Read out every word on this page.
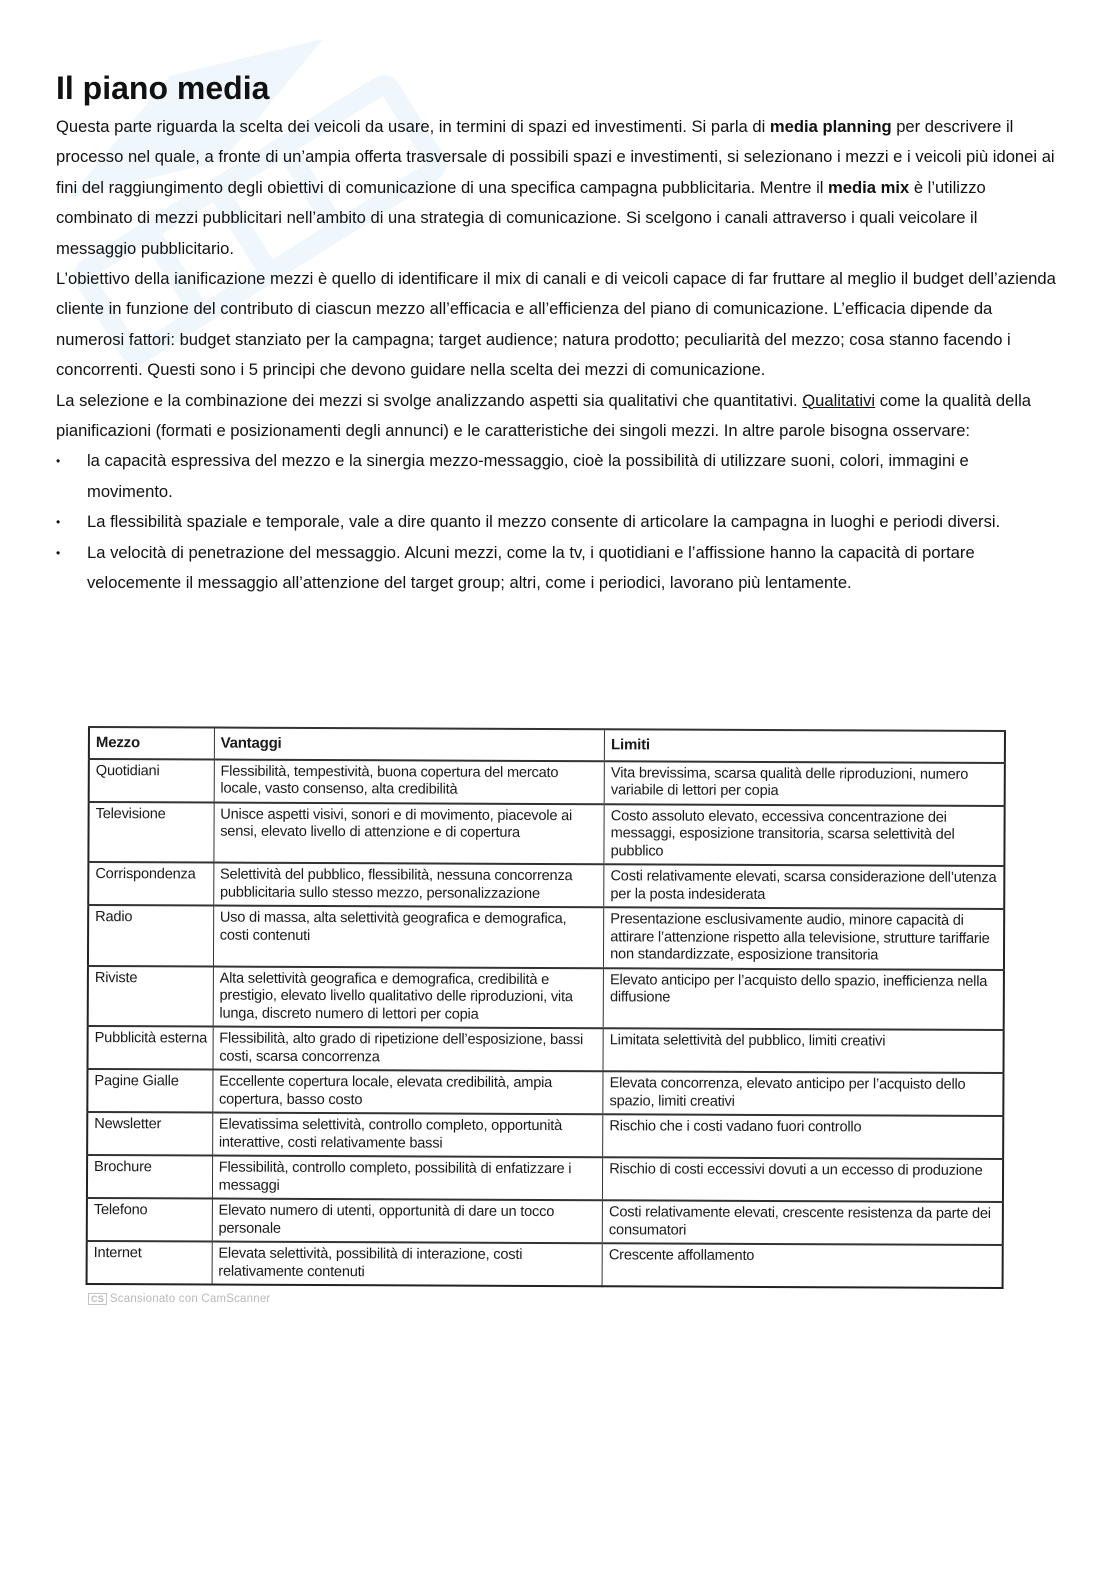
Il piano media

Questa parte riguarda la scelta dei veicoli da usare, in termini di spazi ed investimenti. Si parla di media planning per descrivere il processo nel quale, a fronte di un’ampia offerta trasversale di possibili spazi e investimenti, si selezionano i mezzi e i veicoli più idonei ai fini del raggiungimento degli obiettivi di comunicazione di una specifica campagna pubblicitaria. Mentre il media mix è l’utilizzo combinato di mezzi pubblicitari nell’ambito di una strategia di comunicazione. Si scelgono i canali attraverso i quali veicolare il messaggio pubblicitario.

L’obiettivo della ianificazione mezzi è quello di identificare il mix di canali e di veicoli capace di far fruttare al meglio il budget dell’azienda cliente in funzione del contributo di ciascun mezzo all’efficacia e all’efficienza del piano di comunicazione. L’efficacia dipende da numerosi fattori: budget stanziato per la campagna; target audience; natura prodotto; peculiarità del mezzo; cosa stanno facendo i concorrenti. Questi sono i 5 principi che devono guidare nella scelta dei mezzi di comunicazione.

La selezione e la combinazione dei mezzi si svolge analizzando aspetti sia qualitativi che quantitativi. Qualitativi come la qualità della pianificazioni (formati e posizionamenti degli annunci) e le caratteristiche dei singoli mezzi. In altre parole bisogna osservare:

• la capacità espressiva del mezzo e la sinergia mezzo-messaggio, cioè la possibilità di utilizzare suoni, colori, immagini e movimento.
• La flessibilità spaziale e temporale, vale a dire quanto il mezzo consente di articolare la campagna in luoghi e periodi diversi.
• La velocità di penetrazione del messaggio. Alcuni mezzi, come la tv, i quotidiani e l’affissione hanno la capacità di portare velocemente il messaggio all’attenzione del target group; altri, come i periodici, lavorano più lentamente.
Mezzo	Vantaggi	Limiti
Quotidiani	Flessibilità, tempestività, buona copertura del mercato locale, vasto consenso, alta credibilità	Vita brevissima, scarsa qualità delle riproduzioni, numero variabile di lettori per copia
Televisione	Unisce aspetti visivi, sonori e di movimento, piacevole ai sensi, elevato livello di attenzione e di copertura	Costo assoluto elevato, eccessiva concentrazione dei messaggi, esposizione transitoria, scarsa selettività del pubblico
Corrispondenza	Selettività del pubblico, flessibilità, nessuna concorrenza pubblicitaria sullo stesso mezzo, personalizzazione	Costi relativamente elevati, scarsa considerazione dell’utenza per la posta indesiderata
Radio	Uso di massa, alta selettività geografica e demografica, costi contenuti	Presentazione esclusivamente audio, minore capacità di attirare l’attenzione rispetto alla televisione, strutture tariffarie non standardizzate, esposizione transitoria
Riviste	Alta selettività geografica e demografica, credibilità e prestigio, elevato livello qualitativo delle riproduzioni, vita lunga, discreto numero di lettori per copia	Elevato anticipo per l’acquisto dello spazio, inefficienza nella diffusione
Pubblicità esterna	Flessibilità, alto grado di ripetizione dell’esposizione, bassi costi, scarsa concorrenza	Limitata selettività del pubblico, limiti creativi
Pagine Gialle	Eccellente copertura locale, elevata credibilità, ampia copertura, basso costo	Elevata concorrenza, elevato anticipo per l’acquisto dello spazio, limiti creativi
Newsletter	Elevatissima selettività, controllo completo, opportunità interattive, costi relativamente bassi	Rischio che i costi vadano fuori controllo
Brochure	Flessibilità, controllo completo, possibilità di enfatizzare i messaggi	Rischio di costi eccessivi dovuti a un eccesso di produzione
Telefono	Elevato numero di utenti, opportunità di dare un tocco personale	Costi relativamente elevati, crescente resistenza da parte dei consumatori
Internet	Elevata selettività, possibilità di interazione, costi relativamente contenuti	Crescente affollamento
CS Scansionato con CamScanner
